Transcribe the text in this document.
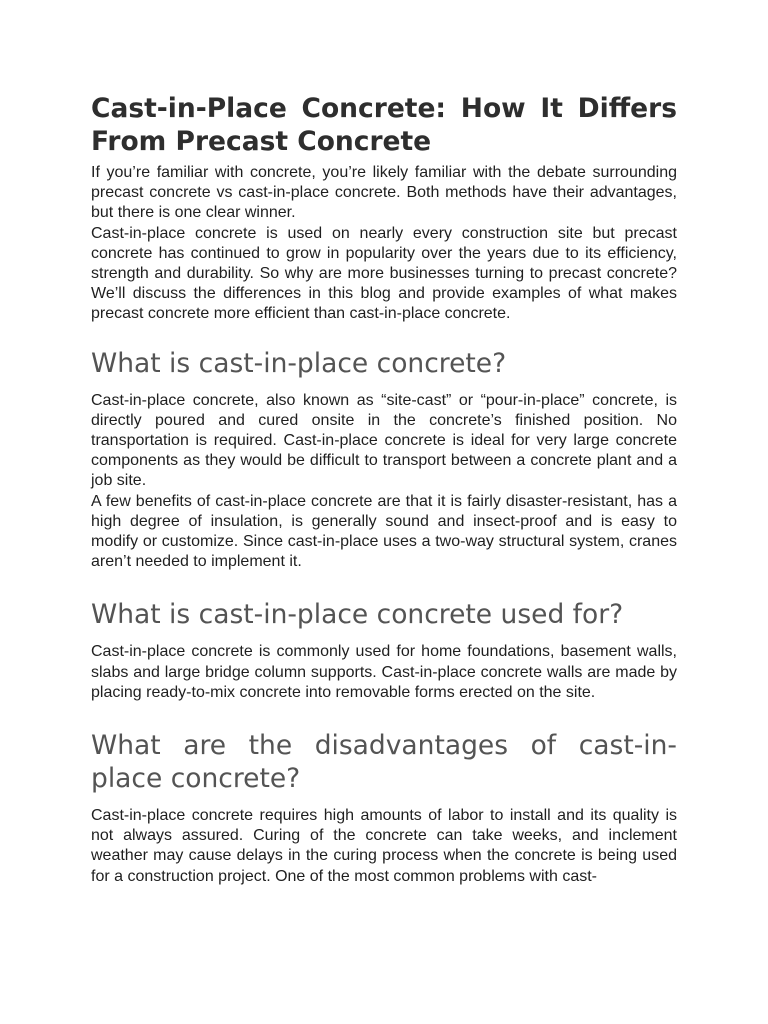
Cast-in-Place Concrete: How It Differs From Precast Concrete

If you’re familiar with concrete, you’re likely familiar with the debate surrounding precast concrete vs cast-in-place concrete. Both methods have their advantages, but there is one clear winner.

Cast-in-place concrete is used on nearly every construction site but precast concrete has continued to grow in popularity over the years due to its efficiency, strength and durability. So why are more businesses turning to precast concrete? We’ll discuss the differences in this blog and provide examples of what makes precast concrete more efficient than cast-in-place concrete.

What is cast-in-place concrete?

Cast-in-place concrete, also known as “site-cast” or “pour-in-place” concrete, is directly poured and cured onsite in the concrete’s finished position. No transportation is required. Cast-in-place concrete is ideal for very large concrete components as they would be difficult to transport between a concrete plant and a job site.

A few benefits of cast-in-place concrete are that it is fairly disaster-resistant, has a high degree of insulation, is generally sound and insect-proof and is easy to modify or customize. Since cast-in-place uses a two-way structural system, cranes aren’t needed to implement it.

What is cast-in-place concrete used for?

Cast-in-place concrete is commonly used for home foundations, basement walls, slabs and large bridge column supports. Cast-in-place concrete walls are made by placing ready-to-mix concrete into removable forms erected on the site.

What are the disadvantages of cast-in-place concrete?

Cast-in-place concrete requires high amounts of labor to install and its quality is not always assured. Curing of the concrete can take weeks, and inclement weather may cause delays in the curing process when the concrete is being used for a construction project. One of the most common problems with cast-
